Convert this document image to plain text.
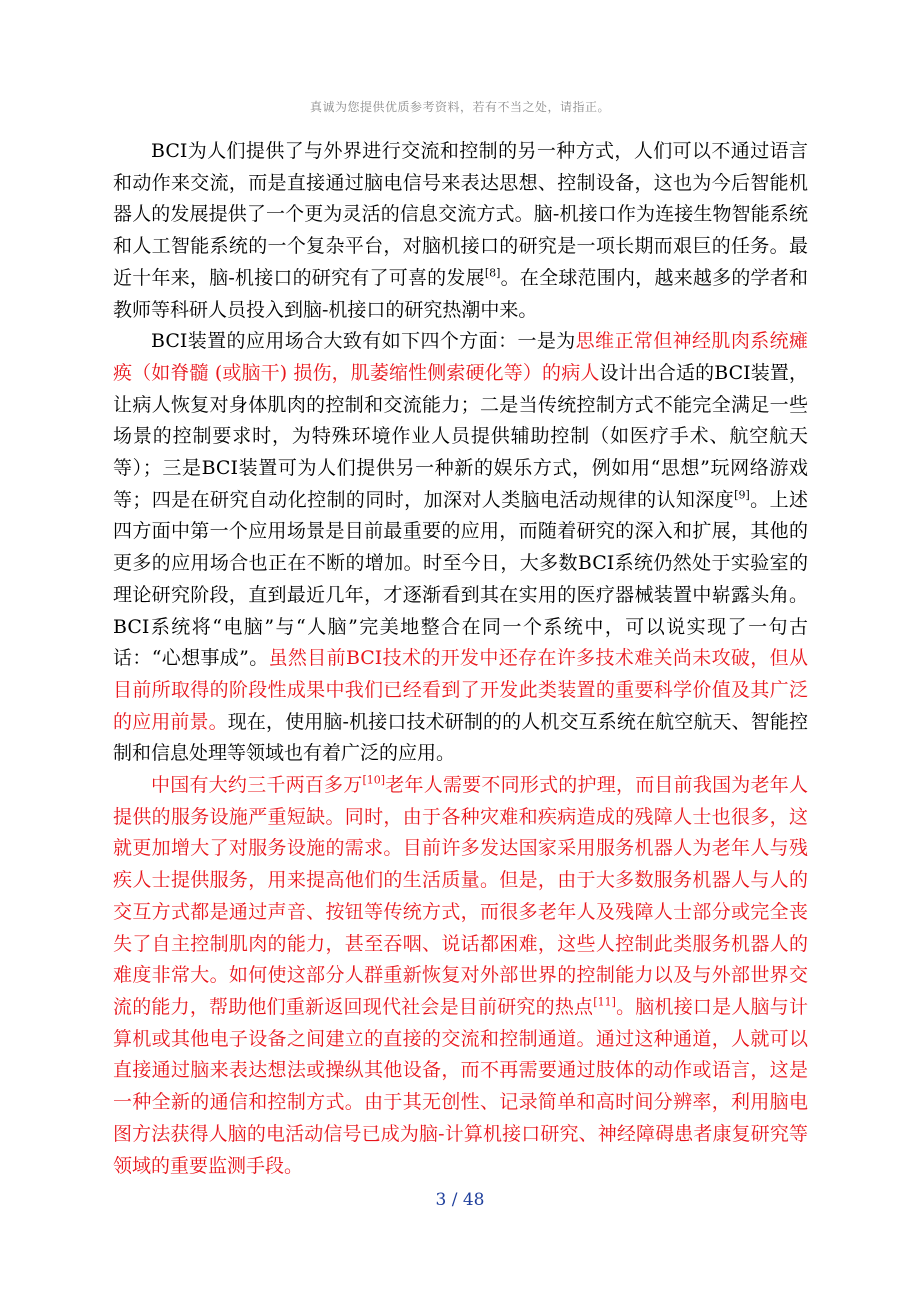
真诚为您提供优质参考资料，若有不当之处，请指正。

BCI为人们提供了与外界进行交流和控制的另一种方式，人们可以不通过语言和动作来交流，而是直接通过脑电信号来表达思想、控制设备，这也为今后智能机器人的发展提供了一个更为灵活的信息交流方式。脑-机接口作为连接生物智能系统和人工智能系统的一个复杂平台，对脑机接口的研究是一项长期而艰巨的任务。最近十年来，脑-机接口的研究有了可喜的发展[8]。在全球范围内，越来越多的学者和教师等科研人员投入到脑-机接口的研究热潮中来。

BCI装置的应用场合大致有如下四个方面：一是为思维正常但神经肌肉系统瘫痪（如脊髓 (或脑干) 损伤，肌萎缩性侧索硬化等）的病人设计出合适的BCI装置，让病人恢复对身体肌肉的控制和交流能力；二是当传统控制方式不能完全满足一些场景的控制要求时，为特殊环境作业人员提供辅助控制（如医疗手术、航空航天等）；三是BCI装置可为人们提供另一种新的娱乐方式，例如用“思想”玩网络游戏等；四是在研究自动化控制的同时，加深对人类脑电活动规律的认知深度[9]。上述四方面中第一个应用场景是目前最重要的应用，而随着研究的深入和扩展，其他的更多的应用场合也正在不断的增加。时至今日，大多数BCI系统仍然处于实验室的理论研究阶段，直到最近几年，才逐渐看到其在实用的医疗器械装置中崭露头角。BCI系统将“电脑”与“人脑”完美地整合在同一个系统中，可以说实现了一句古话：“心想事成”。虽然目前BCI技术的开发中还存在许多技术难关尚未攻破，但从目前所取得的阶段性成果中我们已经看到了开发此类装置的重要科学价值及其广泛的应用前景。现在，使用脑-机接口技术研制的的人机交互系统在航空航天、智能控制和信息处理等领域也有着广泛的应用。

中国有大约三千两百多万[10]老年人需要不同形式的护理，而目前我国为老年人提供的服务设施严重短缺。同时，由于各种灾难和疾病造成的残障人士也很多，这就更加增大了对服务设施的需求。目前许多发达国家采用服务机器人为老年人与残疾人士提供服务，用来提高他们的生活质量。但是，由于大多数服务机器人与人的交互方式都是通过声音、按钮等传统方式，而很多老年人及残障人士部分或完全丧失了自主控制肌肉的能力，甚至吞咽、说话都困难，这些人控制此类服务机器人的难度非常大。如何使这部分人群重新恢复对外部世界的控制能力以及与外部世界交流的能力，帮助他们重新返回现代社会是目前研究的热点[11]。脑机接口是人脑与计算机或其他电子设备之间建立的直接的交流和控制通道。通过这种通道，人就可以直接通过脑来表达想法或操纵其他设备，而不再需要通过肢体的动作或语言，这是一种全新的通信和控制方式。由于其无创性、记录简单和高时间分辨率，利用脑电图方法获得人脑的电活动信号已成为脑-计算机接口研究、神经障碍患者康复研究等领域的重要监测手段。

3 / 48
